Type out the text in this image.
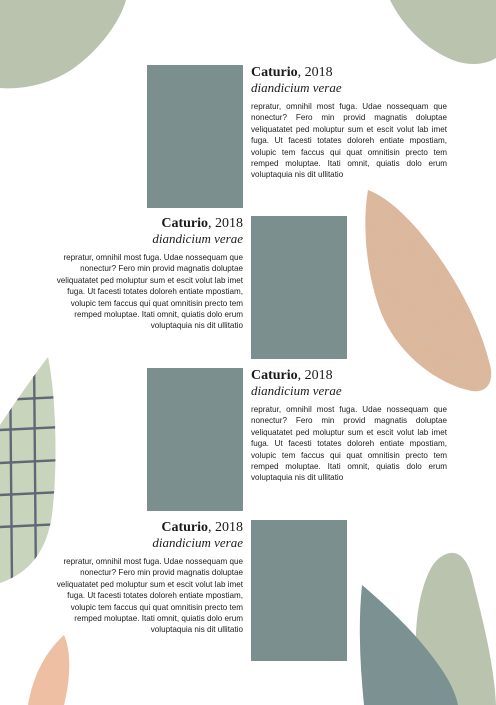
Caturio, 2018

diandicium verae

repratur, omnihil most fuga. Udae nossequam que nonectur? Fero min provid magnatis doluptae veliquatatet ped moluptur sum et escit volut lab imet fuga. Ut facesti totates doloreh entiate mpostiam, volupic tem faccus qui quat omnitisin precto tem remped moluptae. Itati omnit, quiatis dolo erum voluptaquia nis dit ullitatio

Caturio, 2018

diandicium verae

repratur, omnihil most fuga. Udae nossequam que nonectur? Fero min provid magnatis doluptae veliquatatet ped moluptur sum et escit volut lab imet fuga. Ut facesti totates doloreh entiate mpostiam, volupic tem faccus qui quat omnitisin precto tem remped moluptae. Itati omnit, quiatis dolo erum voluptaquia nis dit ullitatio

Caturio, 2018

diandicium verae

repratur, omnihil most fuga. Udae nossequam que nonectur? Fero min provid magnatis doluptae veliquatatet ped moluptur sum et escit volut lab imet fuga. Ut facesti totates doloreh entiate mpostiam, volupic tem faccus qui quat omnitisin precto tem remped moluptae. Itati omnit, quiatis dolo erum voluptaquia nis dit ullitatio

Caturio, 2018

diandicium verae

repratur, omnihil most fuga. Udae nossequam que nonectur? Fero min provid magnatis doluptae veliquatatet ped moluptur sum et escit volut lab imet fuga. Ut facesti totates doloreh entiate mpostiam, volupic tem faccus qui quat omnitisin precto tem remped moluptae. Itati omnit, quiatis dolo erum voluptaquia nis dit ullitatio
